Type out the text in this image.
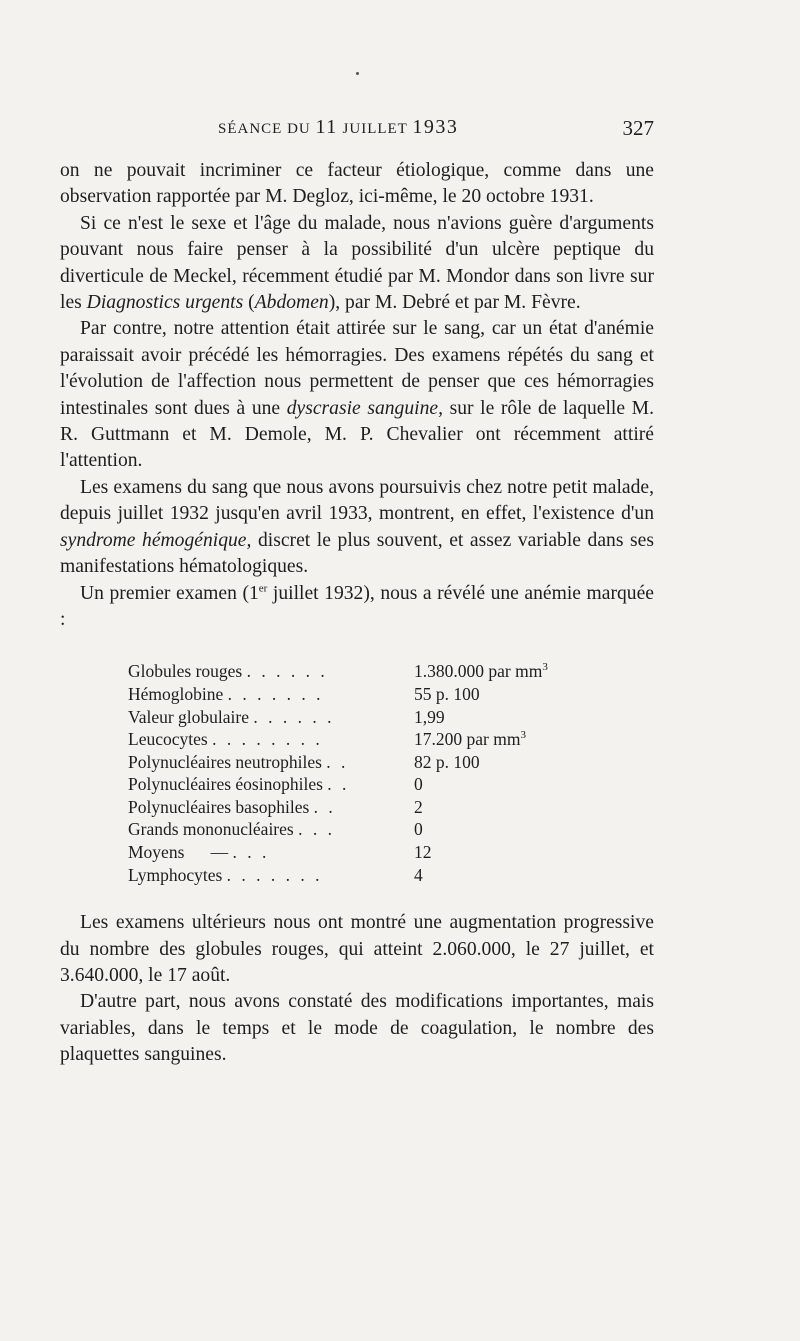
SÉANCE DU 11 JUILLET 1933	327

on ne pouvait incriminer ce facteur étiologique, comme dans une observation rapportée par M. Degloz, ici-même, le 20 octobre 1931.

Si ce n'est le sexe et l'âge du malade, nous n'avions guère d'arguments pouvant nous faire penser à la possibilité d'un ulcère peptique du diverticule de Meckel, récemment étudié par M. Mondor dans son livre sur les Diagnostics urgents (Abdomen), par M. Debré et par M. Fèvre.

Par contre, notre attention était attirée sur le sang, car un état d'anémie paraissait avoir précédé les hémorragies. Des examens répétés du sang et l'évolution de l'affection nous permettent de penser que ces hémorragies intestinales sont dues à une dyscrasie sanguine, sur le rôle de laquelle M. R. Guttmann et M. Demole, M. P. Chevalier ont récemment attiré l'attention.

Les examens du sang que nous avons poursuivis chez notre petit malade, depuis juillet 1932 jusqu'en avril 1933, montrent, en effet, l'existence d'un syndrome hémogénique, discret le plus souvent, et assez variable dans ses manifestations hématologiques.

Un premier examen (1er juillet 1932), nous a révélé une anémie marquée :

Globules rouges . . . . . .	1.380.000 par $mm^3$
Hémoglobine . . . . . . .	55 p. 100
Valeur globulaire . . . . . .	1,99
Leucocytes . . . . . . . .	17.200 par $mm^3$
Polynucléaires neutrophiles . .	82 p. 100
Polynucléaires éosinophiles . .	0
Polynucléaires basophiles . .	2
Grands mononucléaires . . .	0
Moyens      — . . .	12
Lymphocytes . . . . . . .	4

Les examens ultérieurs nous ont montré une augmentation progressive du nombre des globules rouges, qui atteint 2.060.000, le 27 juillet, et 3.640.000, le 17 août.

D'autre part, nous avons constaté des modifications importantes, mais variables, dans le temps et le mode de coagulation, le nombre des plaquettes sanguines.
